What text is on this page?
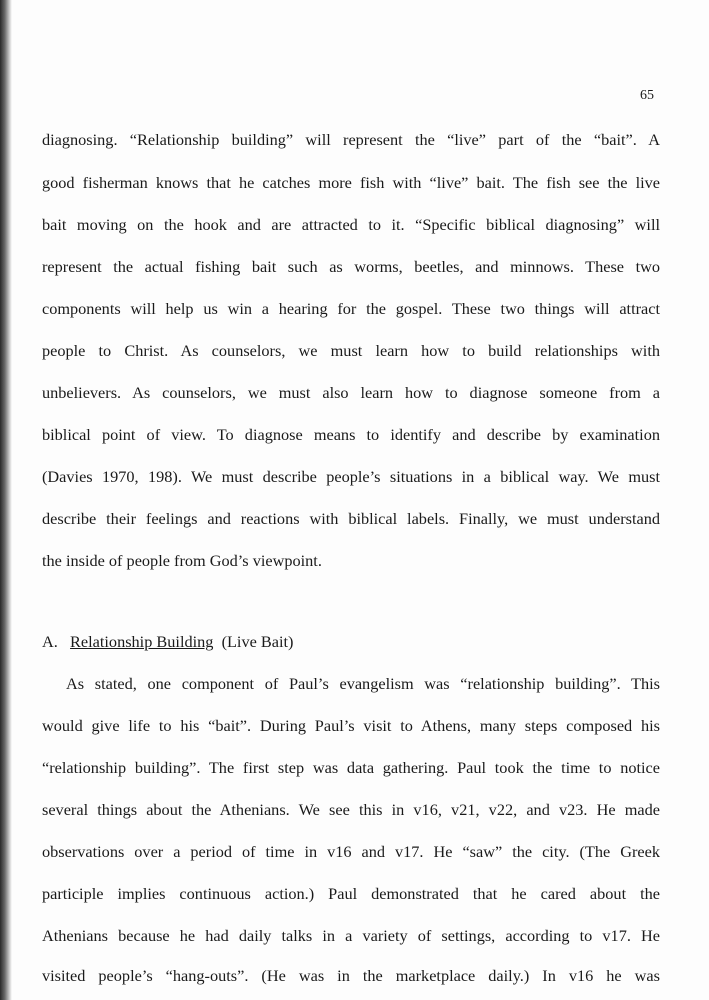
65
diagnosing. “Relationship building” will represent the “live” part of the “bait”. A
good fisherman knows that he catches more fish with “live” bait. The fish see the live
bait moving on the hook and are attracted to it. “Specific biblical diagnosing” will
represent the actual fishing bait such as worms, beetles, and minnows. These two
components will help us win a hearing for the gospel. These two things will attract
people to Christ. As counselors, we must learn how to build relationships with
unbelievers. As counselors, we must also learn how to diagnose someone from a
biblical point of view. To diagnose means to identify and describe by examination
(Davies 1970, 198). We must describe people’s situations in a biblical way. We must
describe their feelings and reactions with biblical labels. Finally, we must understand
the inside of people from God’s viewpoint.
A. Relationship Building (Live Bait)
As stated, one component of Paul’s evangelism was “relationship building”. This
would give life to his “bait”. During Paul’s visit to Athens, many steps composed his
“relationship building”. The first step was data gathering. Paul took the time to notice
several things about the Athenians. We see this in v16, v21, v22, and v23. He made
observations over a period of time in v16 and v17. He “saw” the city. (The Greek
participle implies continuous action.) Paul demonstrated that he cared about the
Athenians because he had daily talks in a variety of settings, according to v17. He
visited people’s “hang-outs”. (He was in the marketplace daily.) In v16 he was
